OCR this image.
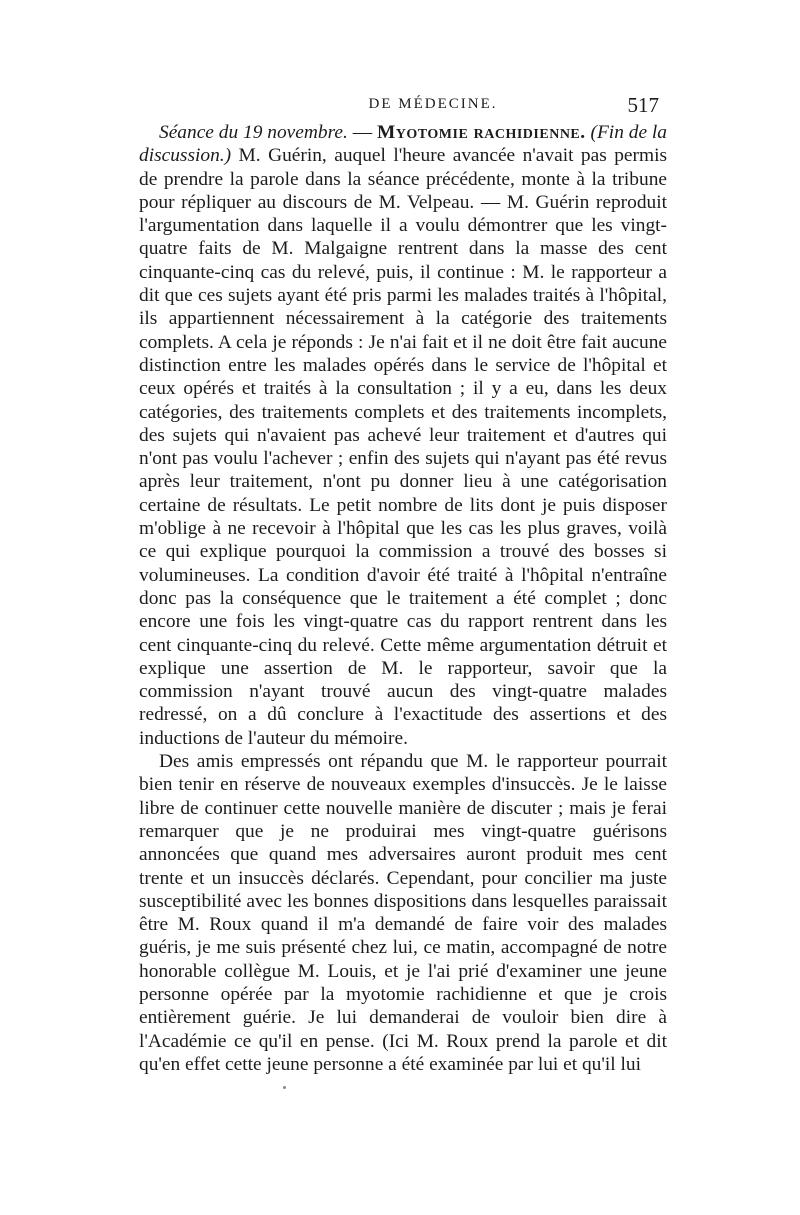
DE MÉDECINE.	517

Séance du 19 novembre. — Myotomie rachidienne. (Fin de la discussion.) M. Guérin, auquel l'heure avancée n'avait pas permis de prendre la parole dans la séance précédente, monte à la tribune pour répliquer au discours de M. Velpeau. — M. Guérin reproduit l'argumentation dans laquelle il a voulu démontrer que les vingt-quatre faits de M. Malgaigne rentrent dans la masse des cent cinquante-cinq cas du relevé, puis, il continue : M. le rapporteur a dit que ces sujets ayant été pris parmi les malades traités à l'hôpital, ils appartiennent nécessairement à la catégorie des traitements complets. A cela je réponds : Je n'ai fait et il ne doit être fait aucune distinction entre les malades opérés dans le service de l'hôpital et ceux opérés et traités à la consultation ; il y a eu, dans les deux catégories, des traitements complets et des traitements incomplets, des sujets qui n'avaient pas achevé leur traitement et d'autres qui n'ont pas voulu l'achever ; enfin des sujets qui n'ayant pas été revus après leur traitement, n'ont pu donner lieu à une catégorisation certaine de résultats. Le petit nombre de lits dont je puis disposer m'oblige à ne recevoir à l'hôpital que les cas les plus graves, voilà ce qui explique pourquoi la commission a trouvé des bosses si volumineuses. La condition d'avoir été traité à l'hôpital n'entraîne donc pas la conséquence que le traitement a été complet ; donc encore une fois les vingt-quatre cas du rapport rentrent dans les cent cinquante-cinq du relevé. Cette même argumentation détruit et explique une assertion de M. le rapporteur, savoir que la commission n'ayant trouvé aucun des vingt-quatre malades redressé, on a dû conclure à l'exactitude des assertions et des inductions de l'auteur du mémoire.

Des amis empressés ont répandu que M. le rapporteur pourrait bien tenir en réserve de nouveaux exemples d'insuccès. Je le laisse libre de continuer cette nouvelle manière de discuter ; mais je ferai remarquer que je ne produirai mes vingt-quatre guérisons annoncées que quand mes adversaires auront produit mes cent trente et un insuccès déclarés. Cependant, pour concilier ma juste susceptibilité avec les bonnes dispositions dans lesquelles paraissait être M. Roux quand il m'a demandé de faire voir des malades guéris, je me suis présenté chez lui, ce matin, accompagné de notre honorable collègue M. Louis, et je l'ai prié d'examiner une jeune personne opérée par la myotomie rachidienne et que je crois entièrement guérie. Je lui demanderai de vouloir bien dire à l'Académie ce qu'il en pense. (Ici M. Roux prend la parole et dit qu'en effet cette jeune personne a été examinée par lui et qu'il lui
